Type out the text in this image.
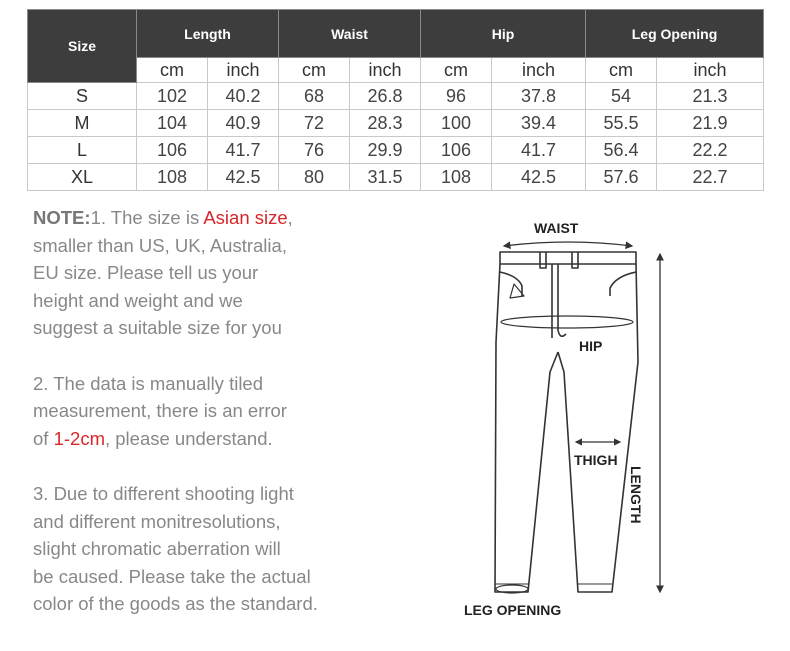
Size	Length		Waist		Hip		Leg Opening	
	cm	inch	cm	inch	cm	inch	cm	inch
S	102	40.2	68	26.8	96	37.8	54	21.3
M	104	40.9	72	28.3	100	39.4	55.5	21.9
L	106	41.7	76	29.9	106	41.7	56.4	22.2
XL	108	42.5	80	31.5	108	42.5	57.6	22.7

NOTE:1. The size is Asian size,

smaller than US, UK, Australia,

EU size. Please tell us your

height and weight and we

suggest a suitable size for you

2. The data is manually tiled

measurement, there is an error

of 1-2cm, please understand.

3. Due to different shooting light

and different monitresolutions,

slight chromatic aberration will

be caused. Please take the actual

color of the goods as the standard.

WAIST
HIP
THIGH
LENGTH
LEG OPENING
